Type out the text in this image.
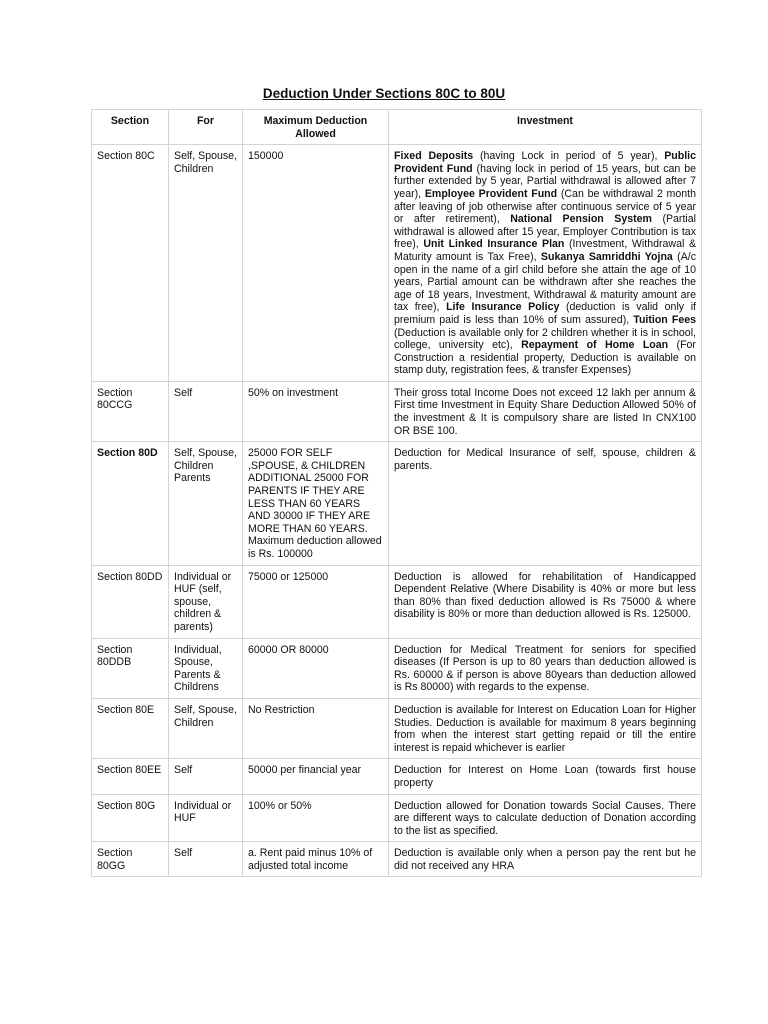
Deduction Under Sections 80C to 80U
Section	For	Maximum Deduction Allowed	Investment
Section 80C	Self, Spouse, Children	150000	Fixed Deposits (having Lock in period of 5 year), Public Provident Fund (having lock in period of 15 years, but can be further extended by 5 year, Partial withdrawal is allowed after 7 year), Employee Provident Fund (Can be withdrawal 2 month after leaving of job otherwise after continuous service of 5 year or after retirement), National Pension System (Partial withdrawal is allowed after 15 year, Employer Contribution is tax free), Unit Linked Insurance Plan (Investment, Withdrawal & Maturity amount is Tax Free), Sukanya Samriddhi Yojna (A/c open in the name of a girl child before she attain the age of 10 years, Partial amount can be withdrawn after she reaches the age of 18 years, Investment, Withdrawal & maturity amount are tax free), Life Insurance Policy (deduction is valid only if premium paid is less than 10% of sum assured), Tuition Fees (Deduction is available only for 2 children whether it is in school, college, university etc), Repayment of Home Loan (For Construction a residential property, Deduction is available on stamp duty, registration fees, & transfer Expenses)
Section 80CCG	Self	50% on investment	Their gross total Income Does not exceed 12 lakh per annum & First time Investment in Equity Share Deduction Allowed 50% of the investment & It is compulsory share are listed In CNX100 OR BSE 100.
Section 80D	Self, Spouse, Children Parents	25000 FOR SELF ,SPOUSE, & CHILDREN ADDITIONAL 25000 FOR PARENTS IF THEY ARE LESS THAN 60 YEARS AND 30000 IF THEY ARE MORE THAN 60 YEARS. Maximum deduction allowed is Rs. 100000	Deduction for Medical Insurance of self, spouse, children & parents.
Section 80DD	Individual or HUF (self, spouse, children & parents)	75000 or 125000	Deduction is allowed for rehabilitation of Handicapped Dependent Relative (Where Disability is 40% or more but less than 80% than fixed deduction allowed is Rs 75000 & where disability is 80% or more than deduction allowed is Rs. 125000.
Section 80DDB	Individual, Spouse, Parents & Childrens	60000 OR 80000	Deduction for Medical Treatment for seniors for specified diseases (If Person is up to 80 years than deduction allowed is Rs. 60000 & if person is above 80years than deduction allowed is Rs 80000) with regards to the expense.
Section 80E	Self, Spouse, Children	No Restriction	Deduction is available for Interest on Education Loan for Higher Studies. Deduction is available for maximum 8 years beginning from when the interest start getting repaid or till the entire interest is repaid whichever is earlier
Section 80EE	Self	50000 per financial year	Deduction for Interest on Home Loan (towards first house property
Section 80G	Individual or HUF	100% or 50%	Deduction allowed for Donation towards Social Causes. There are different ways to calculate deduction of Donation according to the list as specified.
Section 80GG	Self	a. Rent paid minus 10% of adjusted total income	Deduction is available only when a person pay the rent but he did not received any HRA
